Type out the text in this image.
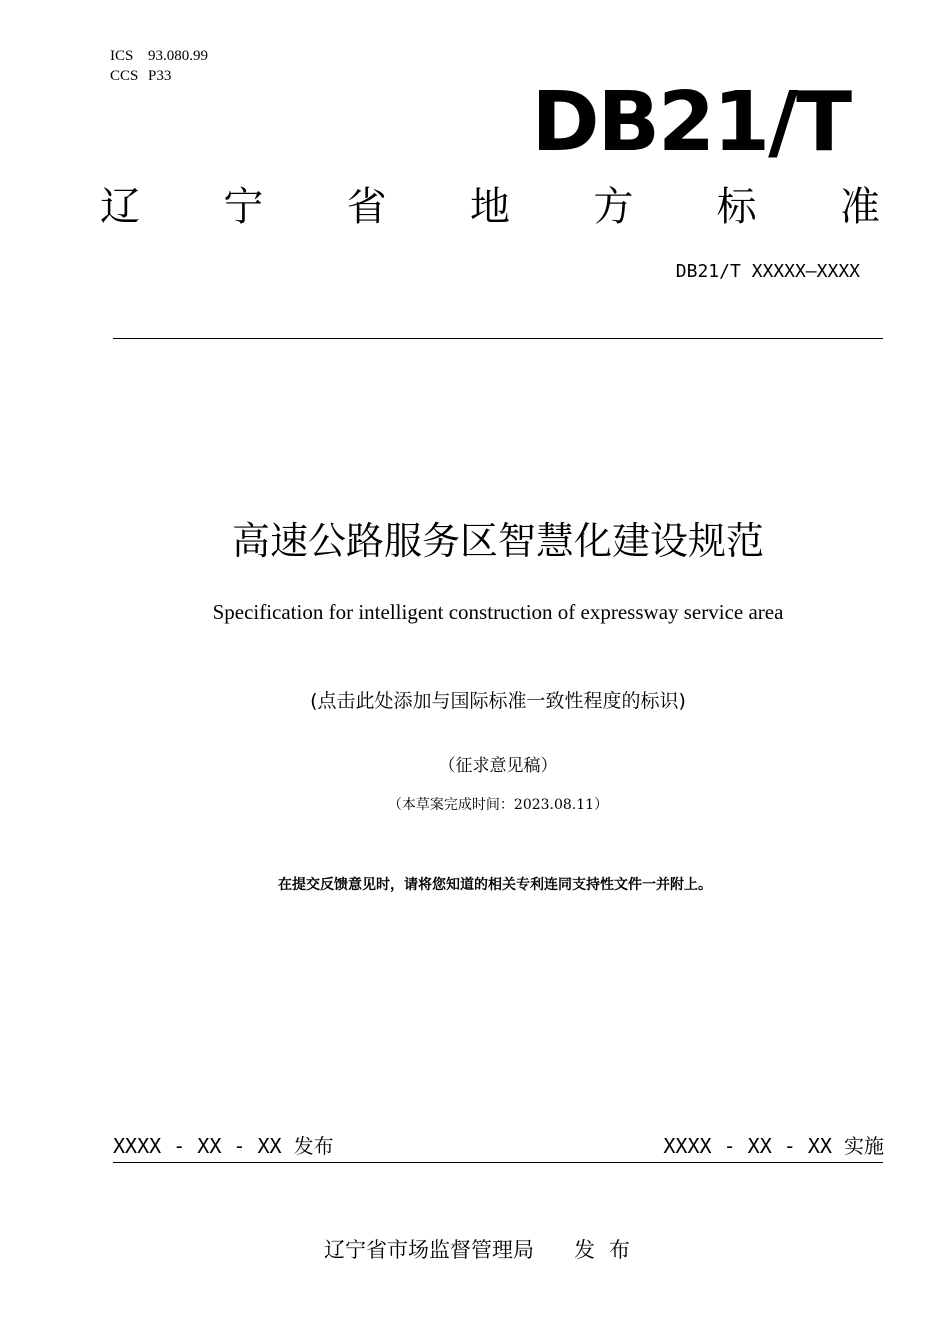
ICS 93.080.99
CCS P33	DB21/T
辽 宁 省 地 方 标 准
DB21/T XXXXX—XXXX
高速公路服务区智慧化建设规范
Specification for intelligent construction of expressway service area
(点击此处添加与国际标准一致性程度的标识)
（征求意见稿）
（本草案完成时间：2023.08.11）
在提交反馈意见时，请将您知道的相关专利连同支持性文件一并附上。
XXXX - XX - XX 发布	XXXX - XX - XX 实施
辽宁省市场监督管理局 发布
